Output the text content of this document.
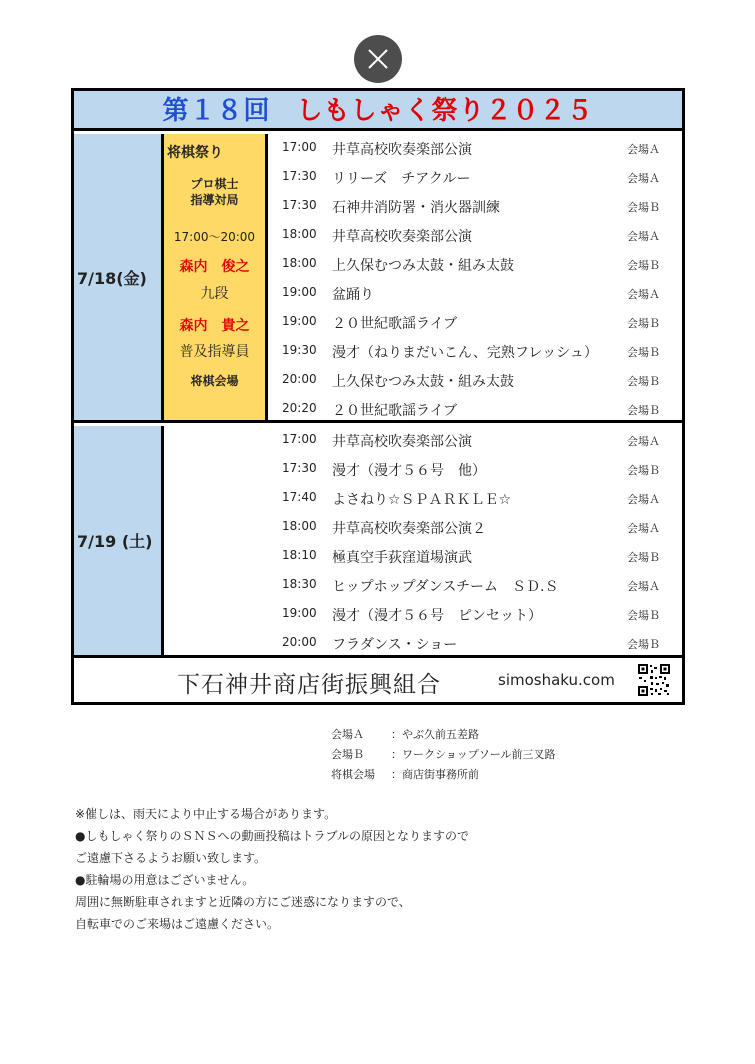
第１８回 しもしゃく祭り２０２５
7/18(金)
将棋祭り
プロ棋士
指導対局
17:00～20:00
森内　俊之
九段
森内　貴之
普及指導員
将棋会場
17:00 井草高校吹奏楽部公演	会場Ａ
17:30 リリーズ　チアクルー	会場Ａ
17:30 石神井消防署・消火器訓練	会場Ｂ
18:00 井草高校吹奏楽部公演	会場Ａ
18:00 上久保むつみ太鼓・組み太鼓	会場Ｂ
19:00 盆踊り	会場Ａ
19:00 ２０世紀歌謡ライブ	会場Ｂ
19:30 漫才（ねりまだいこん、完熟フレッシュ）	会場Ｂ
20:00 上久保むつみ太鼓・組み太鼓	会場Ｂ
20:20 ２０世紀歌謡ライブ	会場Ｂ
7/19 (土)
17:00 井草高校吹奏楽部公演	会場Ａ
17:30 漫才（漫才５６号　他）	会場Ｂ
17:40 よさねり☆ＳＰＡＲＫＬＥ☆	会場Ａ
18:00 井草高校吹奏楽部公演２	会場Ａ
18:10 極真空手荻窪道場演武	会場Ｂ
18:30 ヒップホップダンスチーム　ＳＤ.Ｓ	会場Ａ
19:00 漫才（漫才５６号　ピンセット）	会場Ｂ
20:00 フラダンス・ショー	会場Ｂ
下石神井商店街振興組合	simoshaku.com
会場Ａ ：やぶ久前五差路
会場Ｂ ：ワークショップソール前三叉路
将棋会場 ：商店街事務所前
※催しは、雨天により中止する場合があります。
●しもしゃく祭りのＳＮＳへの動画投稿はトラブルの原因となりますので
ご遠慮下さるようお願い致します。
●駐輪場の用意はございません。
周囲に無断駐車されますと近隣の方にご迷惑になりますので、
自転車でのご来場はご遠慮ください。
